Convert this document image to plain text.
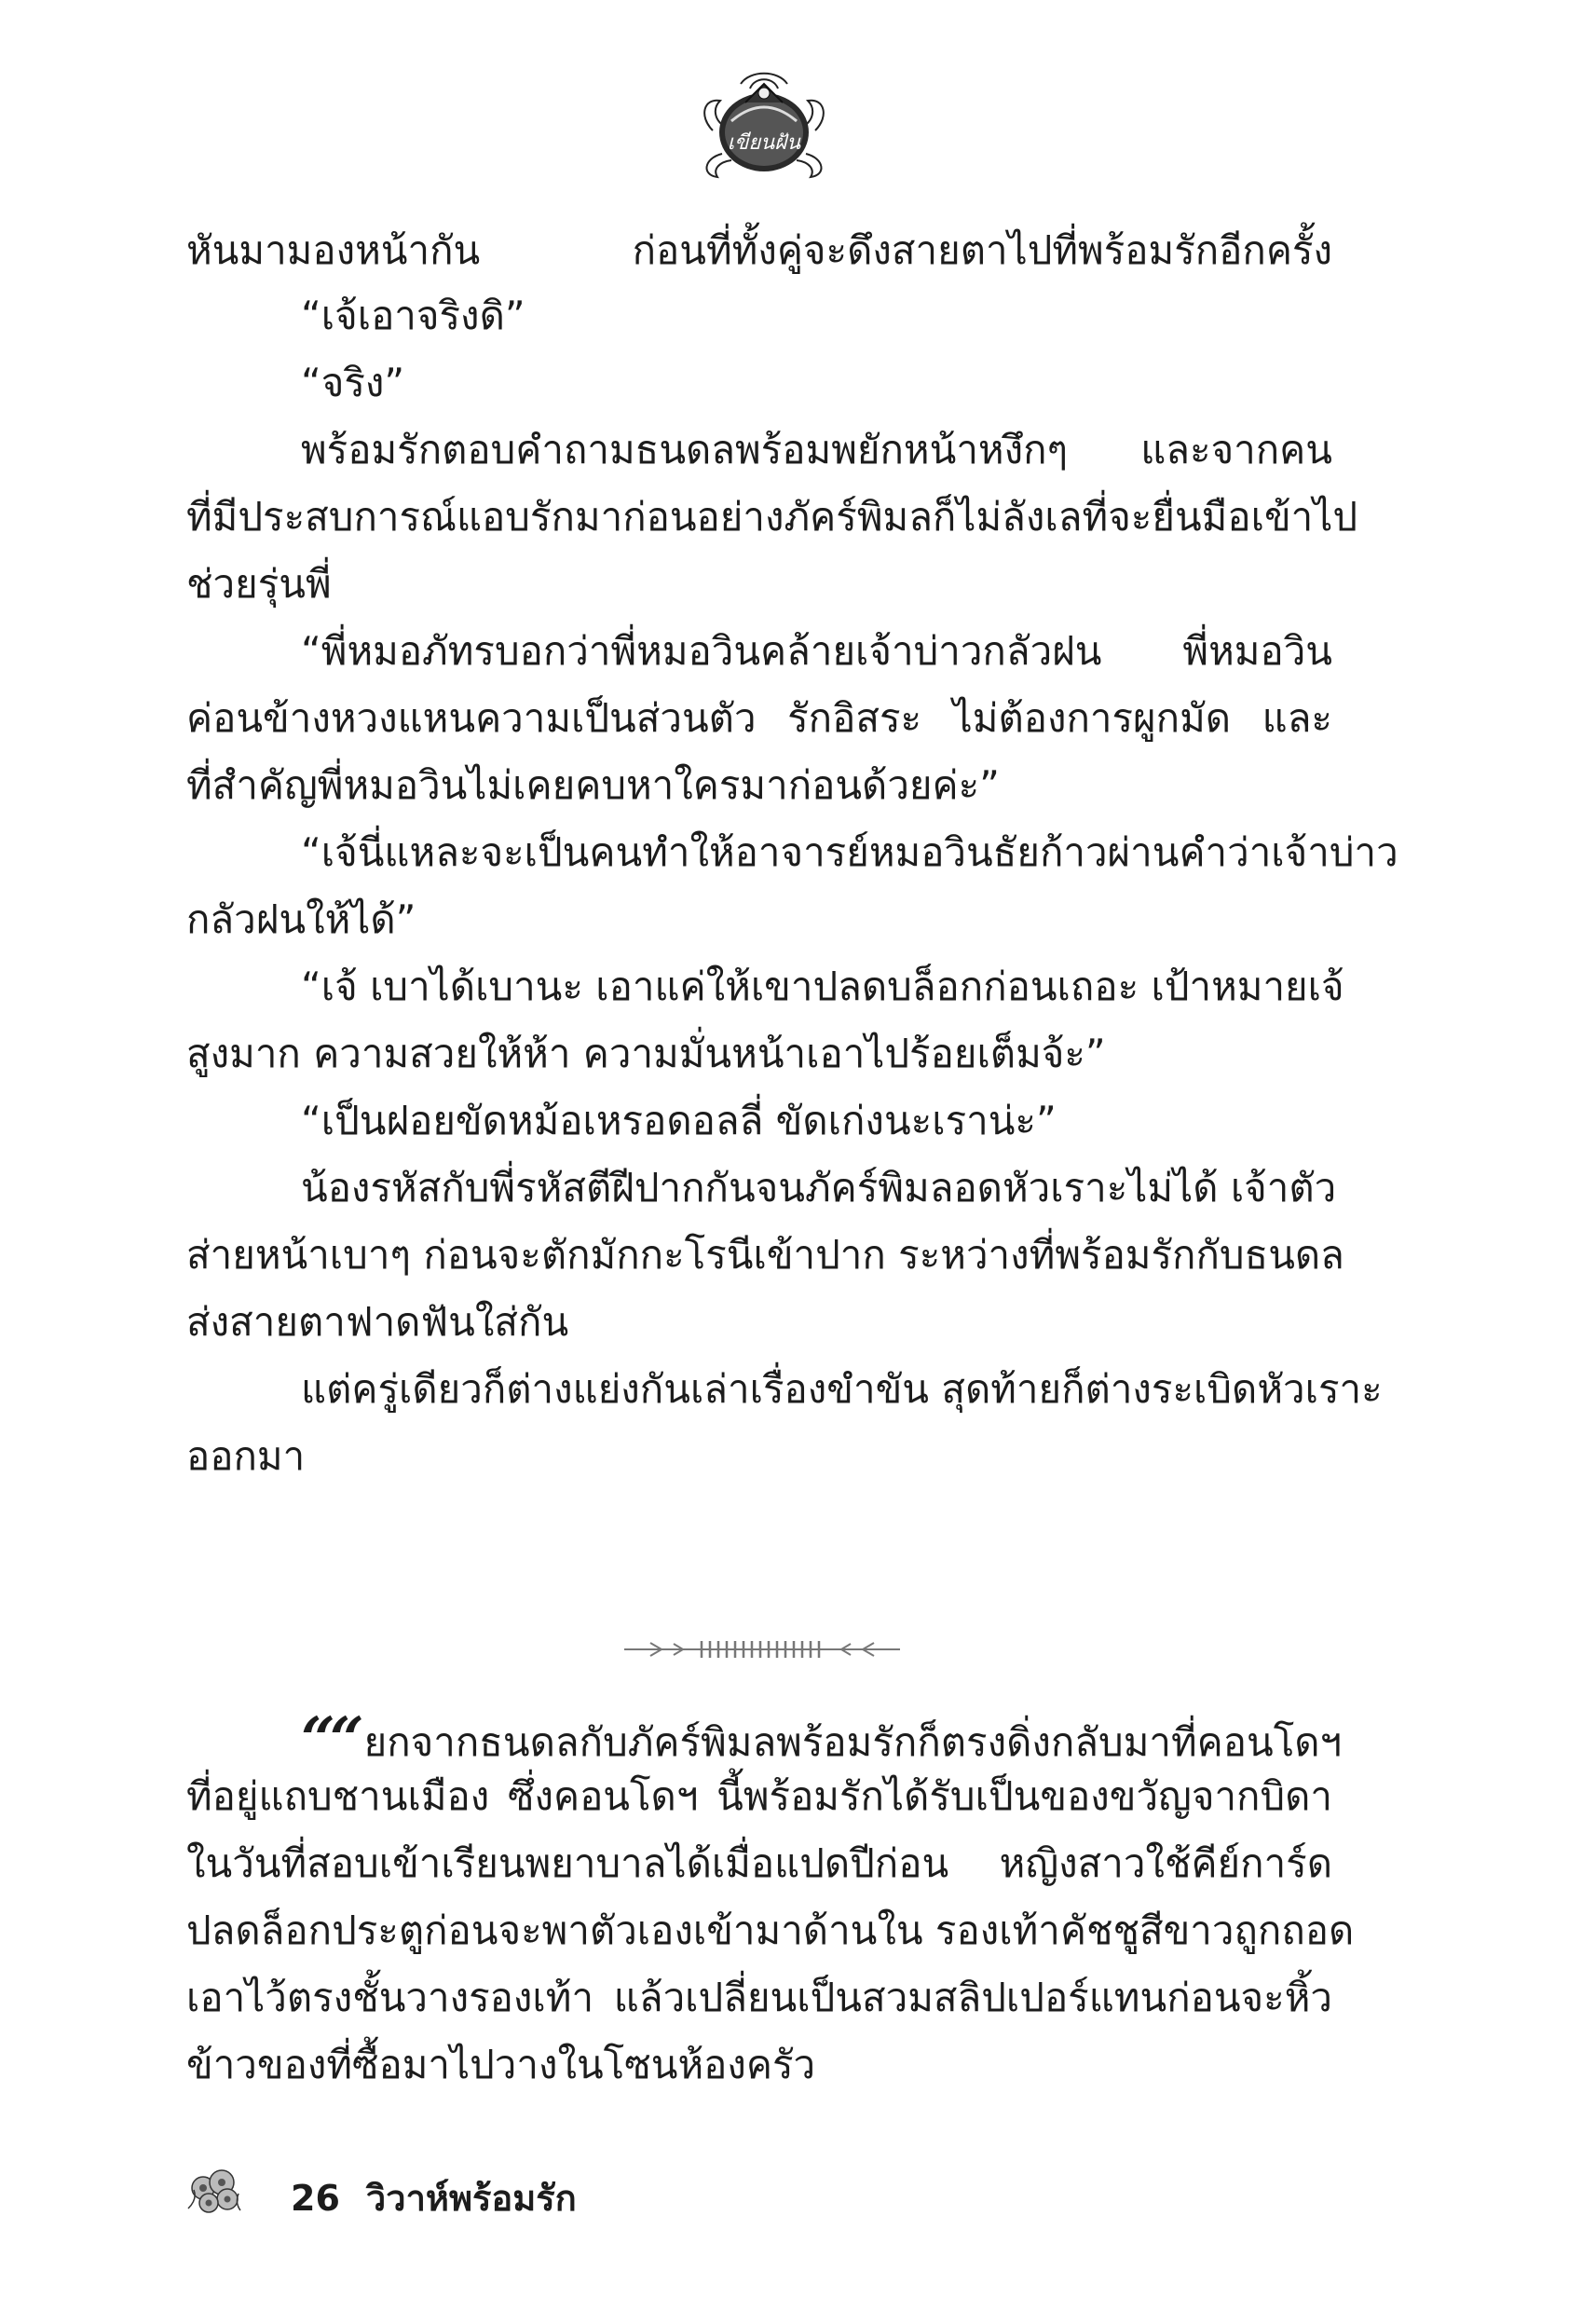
เขียนฝัน
หันมามองหน้ากัน ก่อนที่ทั้งคู่จะดึงสายตาไปที่พร้อมรักอีกครั้ง
“เจ้เอาจริงดิ”
“จริง”
พร้อมรักตอบคำถามธนดลพร้อมพยักหน้าหงึกๆ และจากคน
ที่มีประสบการณ์แอบรักมาก่อนอย่างภัคร์พิมลก็ไม่ลังเลที่จะยื่นมือเข้าไป
ช่วยรุ่นพี่
“พี่หมอภัทรบอกว่าพี่หมอวินคล้ายเจ้าบ่าวกลัวฝน พี่หมอวิน
ค่อนข้างหวงแหนความเป็นส่วนตัว รักอิสระ ไม่ต้องการผูกมัด และ
ที่สำคัญพี่หมอวินไม่เคยคบหาใครมาก่อนด้วยค่ะ”
“เจ้นี่แหละจะเป็นคนทำให้อาจารย์หมอวินธัยก้าวผ่านคำว่าเจ้าบ่าว
กลัวฝนให้ได้”
“เจ้ เบาได้เบานะ เอาแค่ให้เขาปลดบล็อกก่อนเถอะ เป้าหมายเจ้
สูงมาก ความสวยให้ห้า ความมั่นหน้าเอาไปร้อยเต็มจ้ะ”
“เป็นฝอยขัดหม้อเหรอดอลลี่ ขัดเก่งนะเราน่ะ”
น้องรหัสกับพี่รหัสตีฝีปากกันจนภัคร์พิมลอดหัวเราะไม่ได้ เจ้าตัว
ส่ายหน้าเบาๆ ก่อนจะตักมักกะโรนีเข้าปาก ระหว่างที่พร้อมรักกับธนดล
ส่งสายตาฟาดฟันใส่กัน
แต่ครู่เดียวก็ต่างแย่งกันเล่าเรื่องขำขัน สุดท้ายก็ต่างระเบิดหัวเราะ
ออกมา
““ ยกจากธนดลกับภัคร์พิมลพร้อมรักก็ตรงดิ่งกลับมาที่คอนโดฯ
ที่อยู่แถบชานเมือง ซึ่งคอนโดฯ นี้พร้อมรักได้รับเป็นของขวัญจากบิดา
ในวันที่สอบเข้าเรียนพยาบาลได้เมื่อแปดปีก่อน หญิงสาวใช้คีย์การ์ด
ปลดล็อกประตูก่อนจะพาตัวเองเข้ามาด้านใน รองเท้าคัชชูสีขาวถูกถอด
เอาไว้ตรงชั้นวางรองเท้า แล้วเปลี่ยนเป็นสวมสลิปเปอร์แทนก่อนจะหิ้ว
ข้าวของที่ซื้อมาไปวางในโซนห้องครัว
26 วิวาห์พร้อมรัก
